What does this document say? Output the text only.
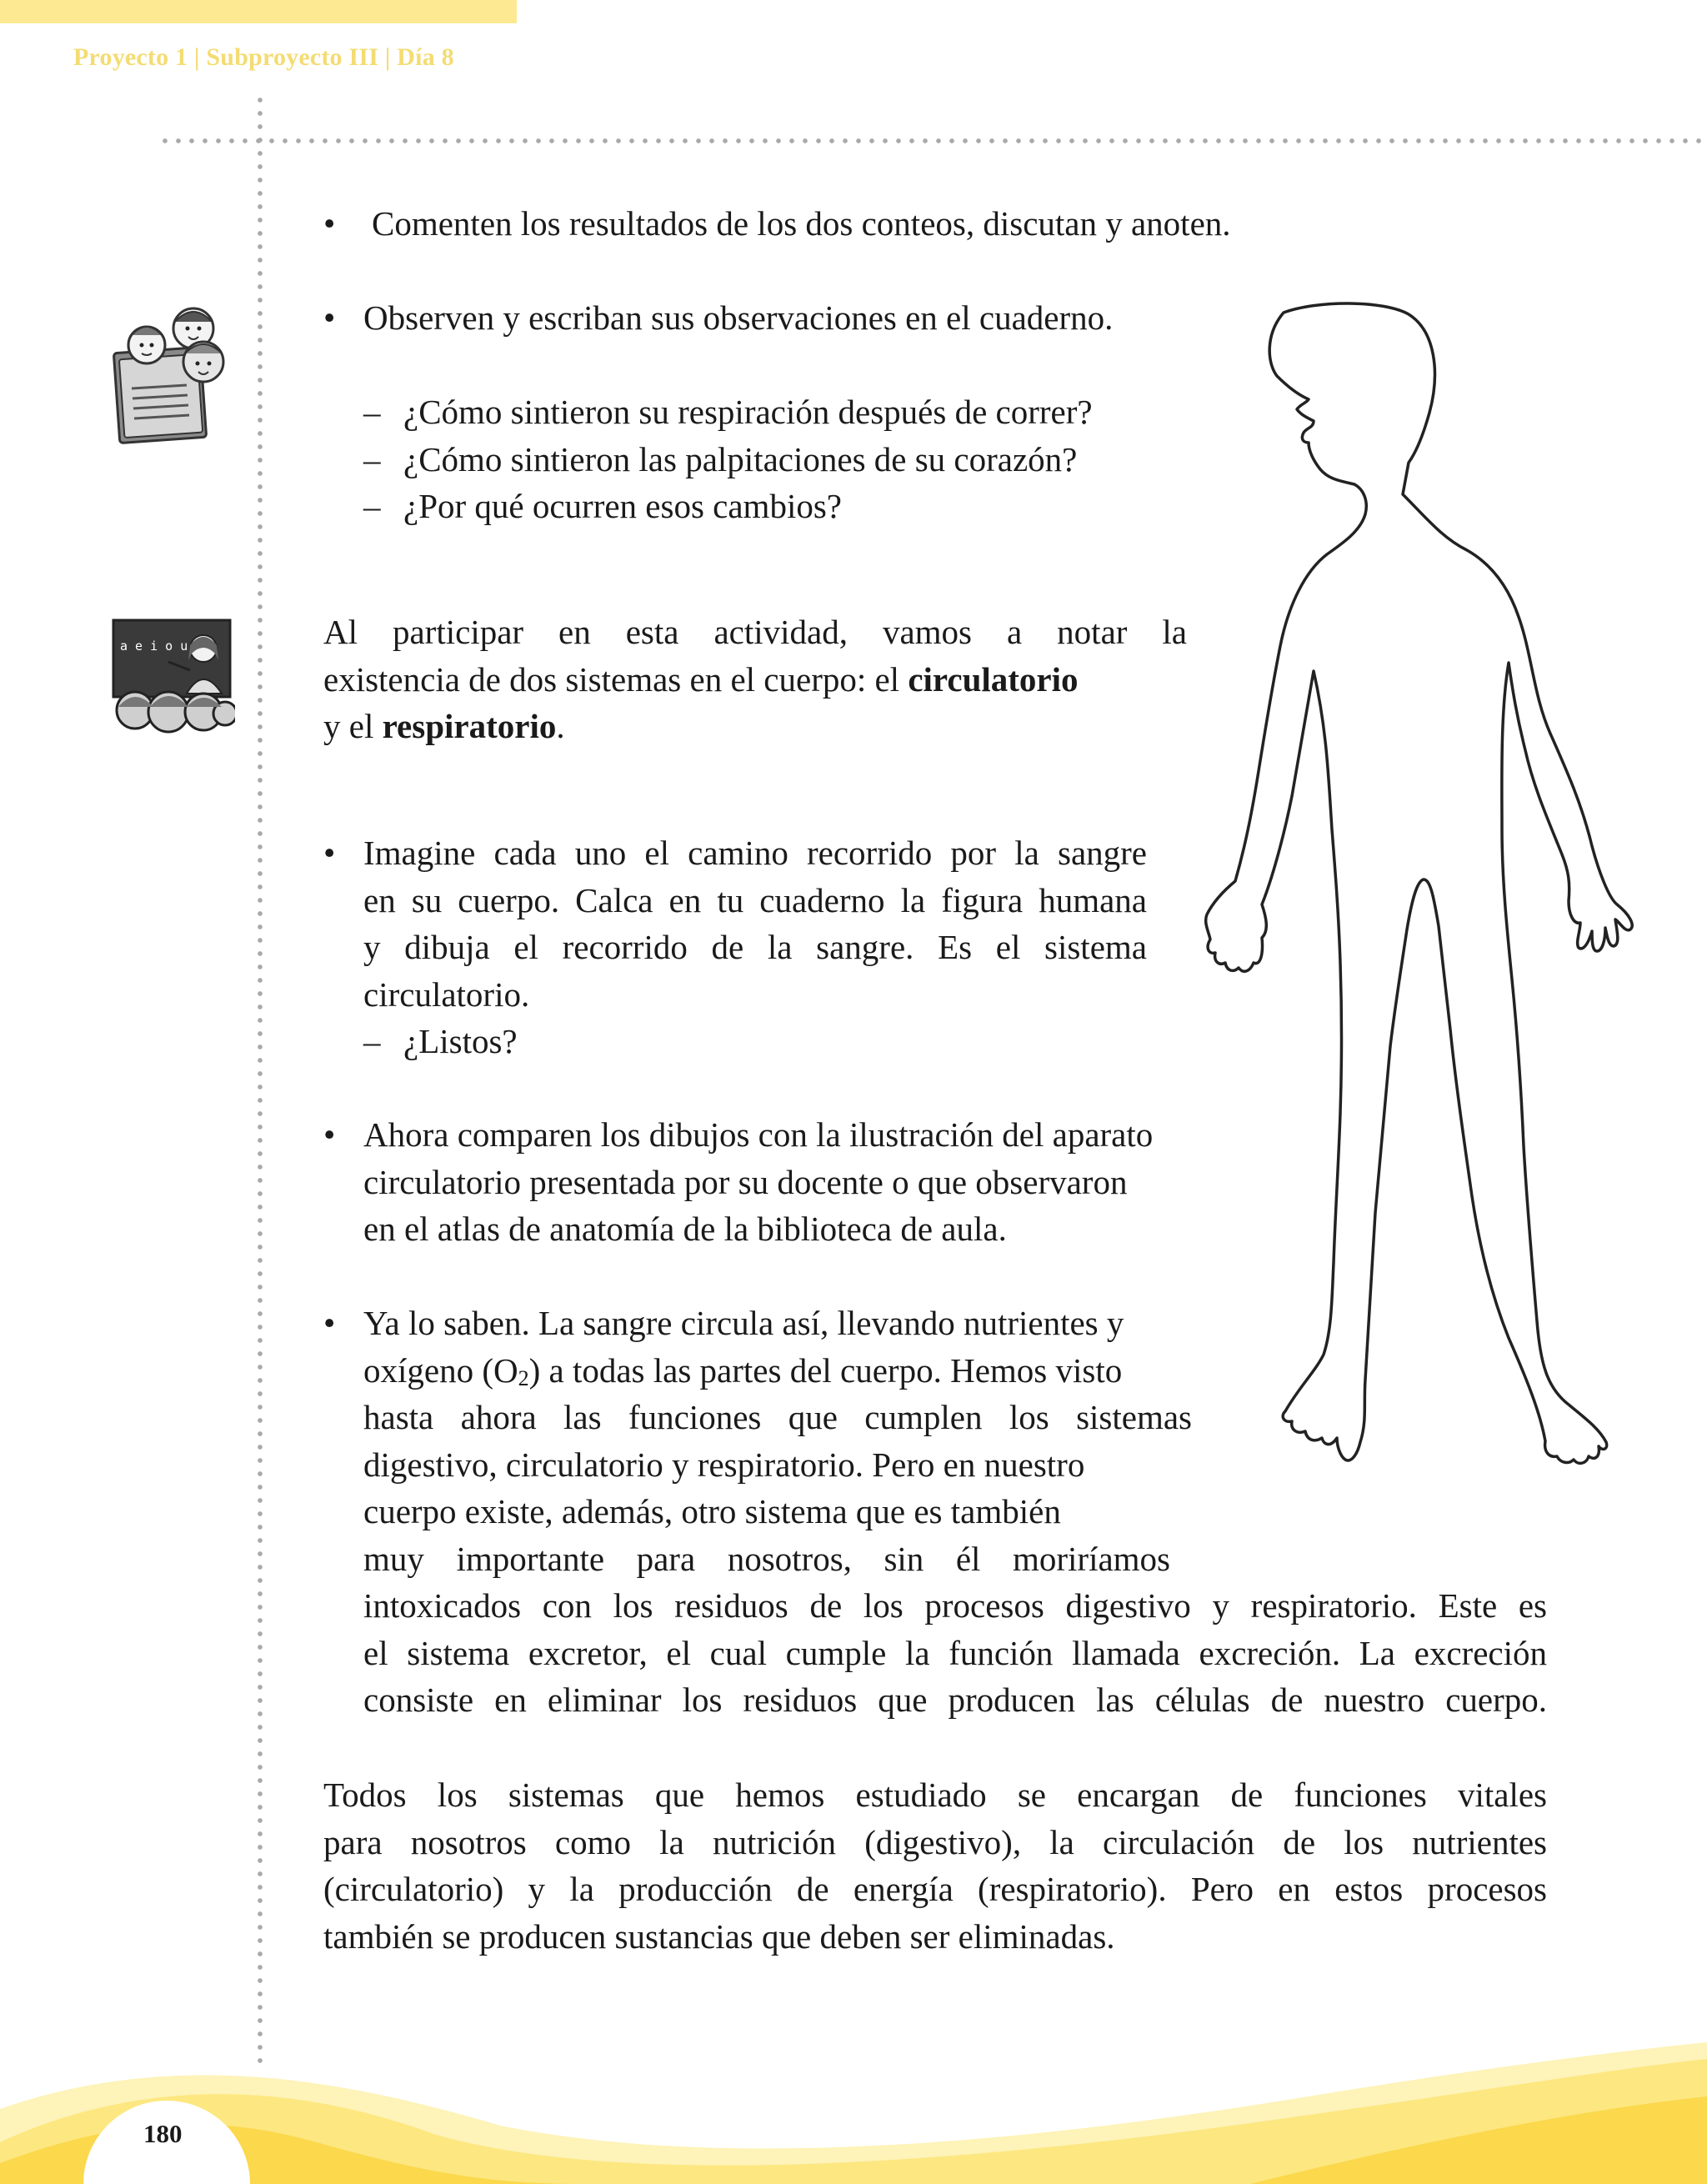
Proyecto 1 | Subproyecto III | Día 8
a e i o u
• Comenten los resultados de los dos conteos, discutan y anoten.
• Observen y escriban sus observaciones en el cuaderno.
– ¿Cómo sintieron su respiración después de correr?
– ¿Cómo sintieron las palpitaciones de su corazón?
– ¿Por qué ocurren esos cambios?
Al participar en esta actividad, vamos a notar la
existencia de dos sistemas en el cuerpo: el circulatorio
y el respiratorio.
• Imagine cada uno el camino recorrido por la sangre
en su cuerpo. Calca en tu cuaderno la figura humana
y dibuja el recorrido de la sangre. Es el sistema
circulatorio.
– ¿Listos?
• Ahora comparen los dibujos con la ilustración del aparato
circulatorio presentada por su docente o que observaron
en el atlas de anatomía de la biblioteca de aula.
• Ya lo saben. La sangre circula así, llevando nutrientes y
oxígeno $(O_2)$ a todas las partes del cuerpo. Hemos visto
hasta ahora las funciones que cumplen los sistemas
digestivo, circulatorio y respiratorio. Pero en nuestro
cuerpo existe, además, otro sistema que es también
muy importante para nosotros, sin él moriríamos
intoxicados con los residuos de los procesos digestivo y respiratorio. Este es
el sistema excretor, el cual cumple la función llamada excreción. La excreción
consiste en eliminar los residuos que producen las células de nuestro cuerpo.
Todos los sistemas que hemos estudiado se encargan de funciones vitales
para nosotros como la nutrición (digestivo), la circulación de los nutrientes
(circulatorio) y la producción de energía (respiratorio). Pero en estos procesos
también se producen sustancias que deben ser eliminadas.
180
